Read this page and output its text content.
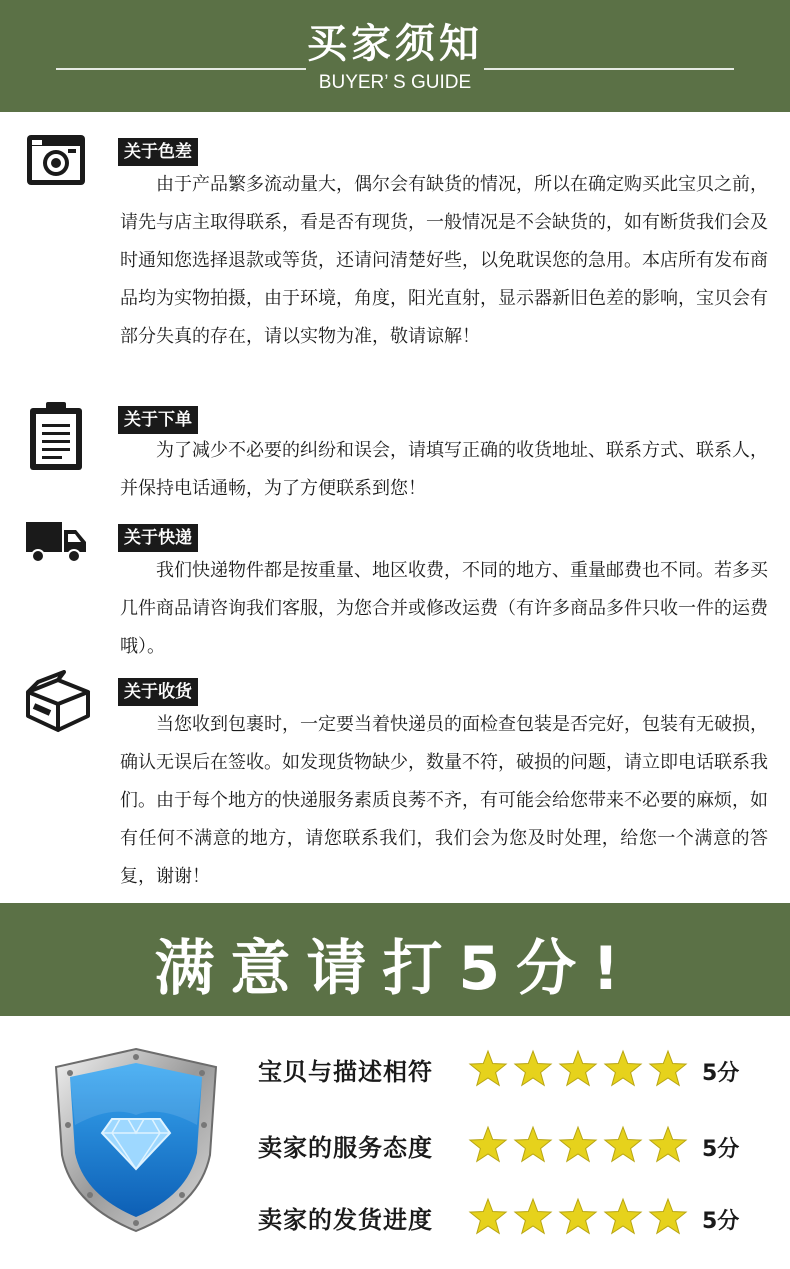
买家须知
BUYER’ S GUIDE
关于色差
由于产品繁多流动量大，偶尔会有缺货的情况，所以在确定购买此宝贝之前，请先与店主取得联系，看是否有现货，一般情况是不会缺货的，如有断货我们会及时通知您选择退款或等货，还请问清楚好些，以免耽误您的急用。本店所有发布商品均为实物拍摄，由于环境，角度，阳光直射，显示器新旧色差的影响，宝贝会有部分失真的存在，请以实物为准，敬请谅解！
关于下单
为了减少不必要的纠纷和误会，请填写正确的收货地址、联系方式、联系人，并保持电话通畅，为了方便联系到您！
关于快递
我们快递物件都是按重量、地区收费，不同的地方、重量邮费也不同。若多买几件商品请咨询我们客服，为您合并或修改运费（有许多商品多件只收一件的运费哦）。
关于收货
当您收到包裹时，一定要当着快递员的面检查包装是否完好，包装有无破损，确认无误后在签收。如发现货物缺少，数量不符，破损的问题，请立即电话联系我们。由于每个地方的快递服务素质良莠不齐，有可能会给您带来不必要的麻烦，如有任何不满意的地方，请您联系我们，我们会为您及时处理，给您一个满意的答复，谢谢！
满意请打5分!
宝贝与描述相符	5分
卖家的服务态度	5分
卖家的发货进度	5分
